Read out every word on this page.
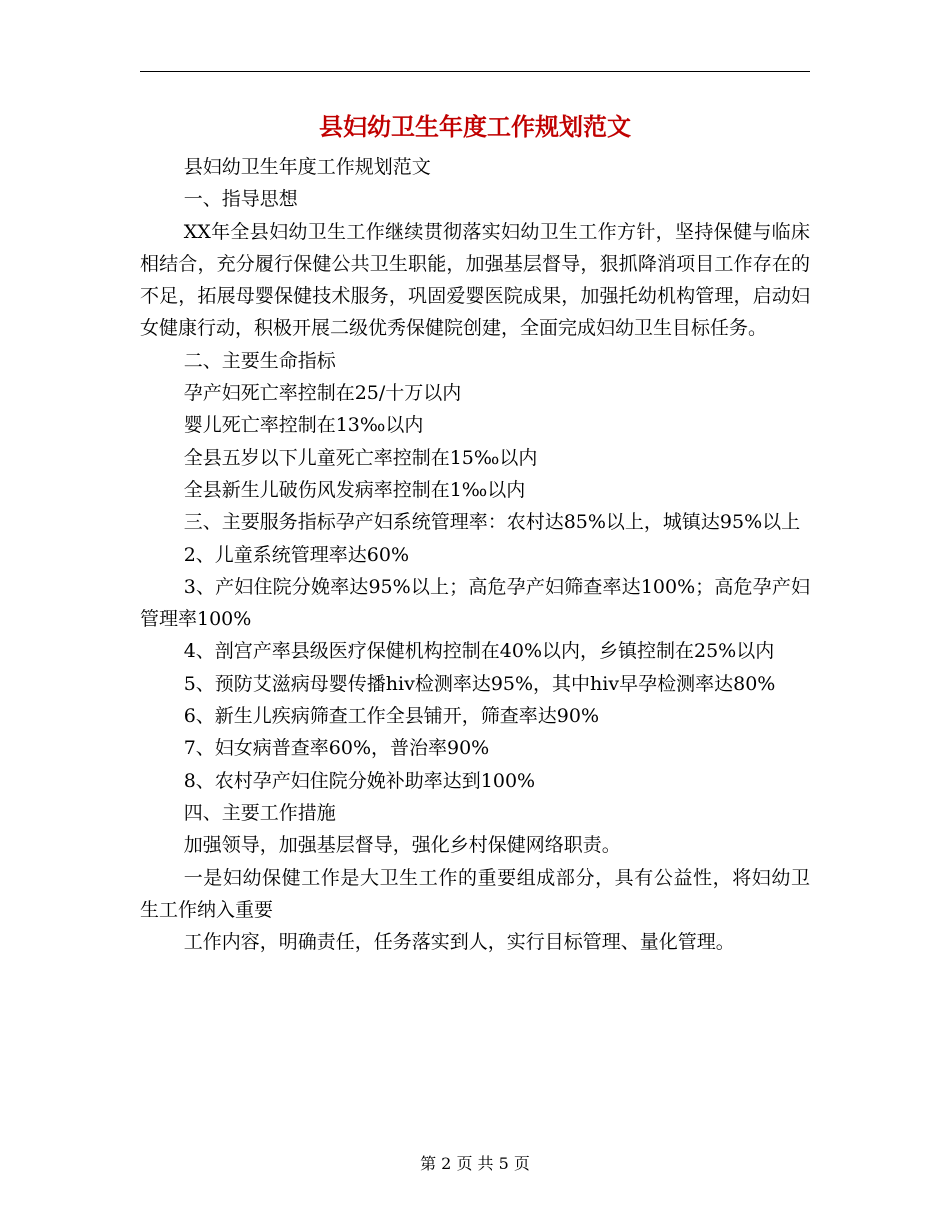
县妇幼卫生年度工作规划范文

县妇幼卫生年度工作规划范文

一、指导思想

XX年全县妇幼卫生工作继续贯彻落实妇幼卫生工作方针，坚持保健与临床相结合，充分履行保健公共卫生职能，加强基层督导，狠抓降消项目工作存在的不足，拓展母婴保健技术服务，巩固爱婴医院成果，加强托幼机构管理，启动妇女健康行动，积极开展二级优秀保健院创建，全面完成妇幼卫生目标任务。

二、主要生命指标

孕产妇死亡率控制在25/十万以内

婴儿死亡率控制在13‰以内

全县五岁以下儿童死亡率控制在15‰以内

全县新生儿破伤风发病率控制在1‰以内

三、主要服务指标孕产妇系统管理率：农村达85%以上，城镇达95%以上

2、儿童系统管理率达60%

3、产妇住院分娩率达95%以上；高危孕产妇筛查率达100%；高危孕产妇管理率100%

4、剖宫产率县级医疗保健机构控制在40%以内，乡镇控制在25%以内

5、预防艾滋病母婴传播hiv检测率达95%，其中hiv早孕检测率达80%

6、新生儿疾病筛查工作全县铺开，筛查率达90%

7、妇女病普查率60%，普治率90%

8、农村孕产妇住院分娩补助率达到100%

四、主要工作措施

加强领导，加强基层督导，强化乡村保健网络职责。

一是妇幼保健工作是大卫生工作的重要组成部分，具有公益性，将妇幼卫生工作纳入重要

工作内容，明确责任，任务落实到人，实行目标管理、量化管理。

第 2 页 共 5 页
